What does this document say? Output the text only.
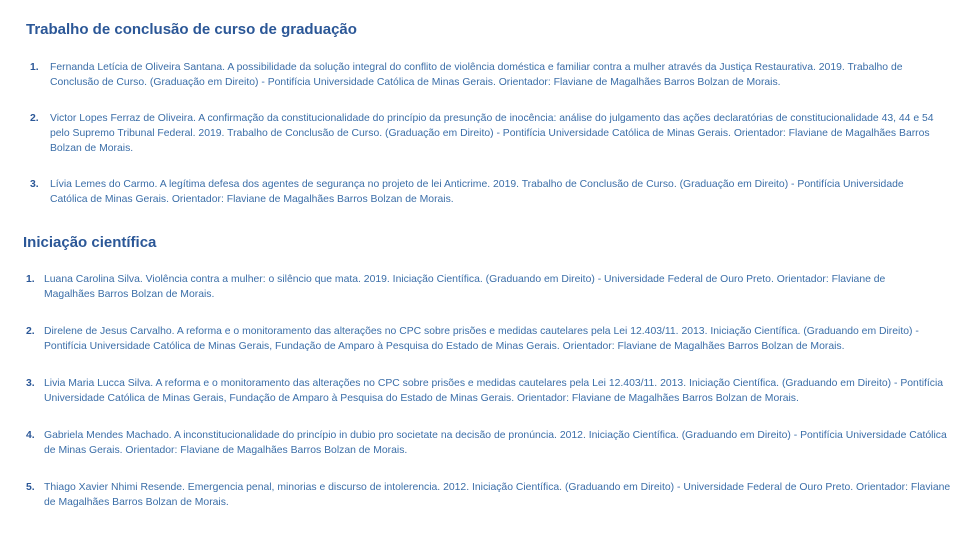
Trabalho de conclusão de curso de graduação
1.	Fernanda Letícia de Oliveira Santana. A possibilidade da solução integral do conflito de violência doméstica e familiar contra a mulher através da Justiça Restaurativa. 2019. Trabalho de Conclusão de Curso. (Graduação em Direito) - Pontifícia Universidade Católica de Minas Gerais. Orientador: Flaviane de Magalhães Barros Bolzan de Morais.
2.	Victor Lopes Ferraz de Oliveira. A confirmação da constitucionalidade do princípio da presunção de inocência: análise do julgamento das ações declaratórias de constitucionalidade 43, 44 e 54 pelo Supremo Tribunal Federal. 2019. Trabalho de Conclusão de Curso. (Graduação em Direito) - Pontifícia Universidade Católica de Minas Gerais. Orientador: Flaviane de Magalhães Barros Bolzan de Morais.
3.	Lívia Lemes do Carmo. A legítima defesa dos agentes de segurança no projeto de lei Anticrime. 2019. Trabalho de Conclusão de Curso. (Graduação em Direito) - Pontifícia Universidade Católica de Minas Gerais. Orientador: Flaviane de Magalhães Barros Bolzan de Morais.
Iniciação científica
1. Luana Carolina Silva. Violência contra a mulher: o silêncio que mata. 2019. Iniciação Científica. (Graduando em Direito) - Universidade Federal de Ouro Preto. Orientador: Flaviane de Magalhães Barros Bolzan de Morais.
2. Direlene de Jesus Carvalho. A reforma e o monitoramento das alterações no CPC sobre prisões e medidas cautelares pela Lei 12.403/11. 2013. Iniciação Científica. (Graduando em Direito) - Pontifícia Universidade Católica de Minas Gerais, Fundação de Amparo à Pesquisa do Estado de Minas Gerais. Orientador: Flaviane de Magalhães Barros Bolzan de Morais.
3. Livia Maria Lucca Silva. A reforma e o monitoramento das alterações no CPC sobre prisões e medidas cautelares pela Lei 12.403/11. 2013. Iniciação Científica. (Graduando em Direito) - Pontifícia Universidade Católica de Minas Gerais, Fundação de Amparo à Pesquisa do Estado de Minas Gerais. Orientador: Flaviane de Magalhães Barros Bolzan de Morais.
4. Gabriela Mendes Machado. A inconstitucionalidade do princípio in dubio pro societate na decisão de pronúncia. 2012. Iniciação Científica. (Graduando em Direito) - Pontifícia Universidade Católica de Minas Gerais. Orientador: Flaviane de Magalhães Barros Bolzan de Morais.
5. Thiago Xavier Nhimi Resende. Emergencia penal, minorias e discurso de intolerencia. 2012. Iniciação Científica. (Graduando em Direito) - Universidade Federal de Ouro Preto. Orientador: Flaviane de Magalhães Barros Bolzan de Morais.
